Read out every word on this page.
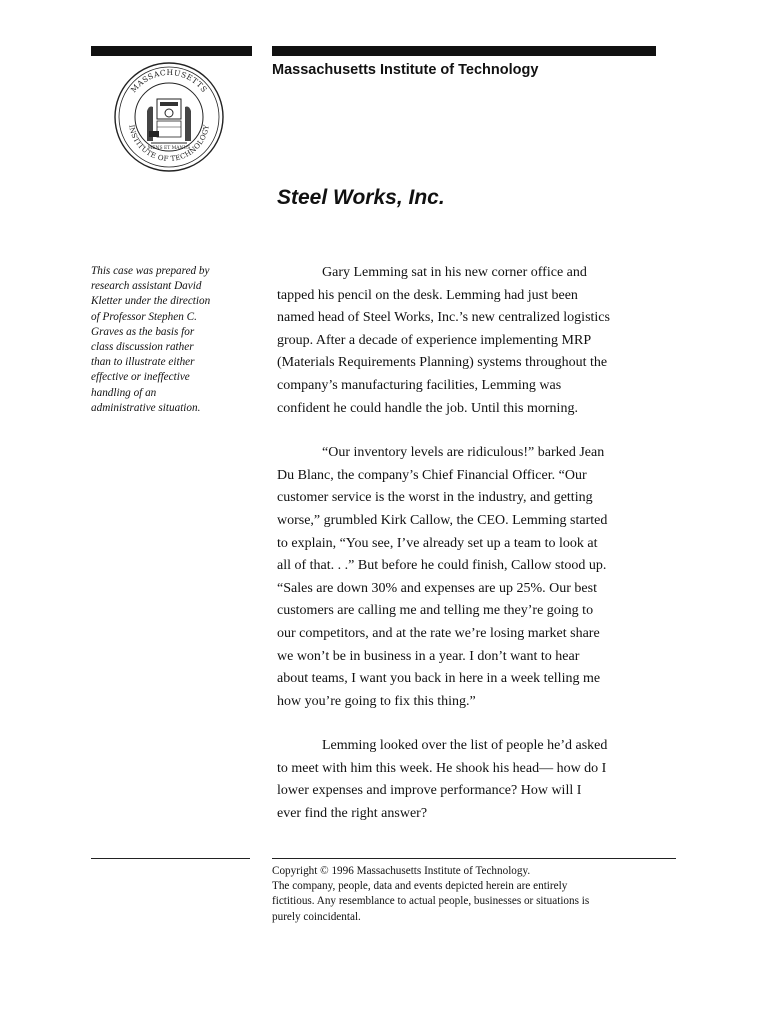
MASSACHUSETTS
INSTITUTE OF TECHNOLOGY
MENS ET MANUS
Massachusetts Institute of Technology
Steel Works, Inc.
This case was prepared by
research assistant David
Kletter under the direction
of Professor Stephen C.
Graves as the basis for
class discussion rather
than to illustrate either
effective or ineffective
handling of an
administrative situation.
Gary Lemming sat in his new corner office and
tapped his pencil on the desk. Lemming had just been
named head of Steel Works, Inc.’s new centralized logistics
group. After a decade of experience implementing MRP
(Materials Requirements Planning) systems throughout the
company’s manufacturing facilities, Lemming was
confident he could handle the job. Until this morning.
“Our inventory levels are ridiculous!” barked Jean
Du Blanc, the company’s Chief Financial Officer. “Our
customer service is the worst in the industry, and getting
worse,” grumbled Kirk Callow, the CEO. Lemming started
to explain, “You see, I’ve already set up a team to look at
all of that. . .” But before he could finish, Callow stood up.
“Sales are down 30% and expenses are up 25%. Our best
customers are calling me and telling me they’re going to
our competitors, and at the rate we’re losing market share
we won’t be in business in a year. I don’t want to hear
about teams, I want you back in here in a week telling me
how you’re going to fix this thing.”
Lemming looked over the list of people he’d asked
to meet with him this week. He shook his head— how do I
lower expenses and improve performance? How will I
ever find the right answer?
Copyright © 1996 Massachusetts Institute of Technology.
The company, people, data and events depicted herein are entirely
fictitious. Any resemblance to actual people, businesses or situations is
purely coincidental.
